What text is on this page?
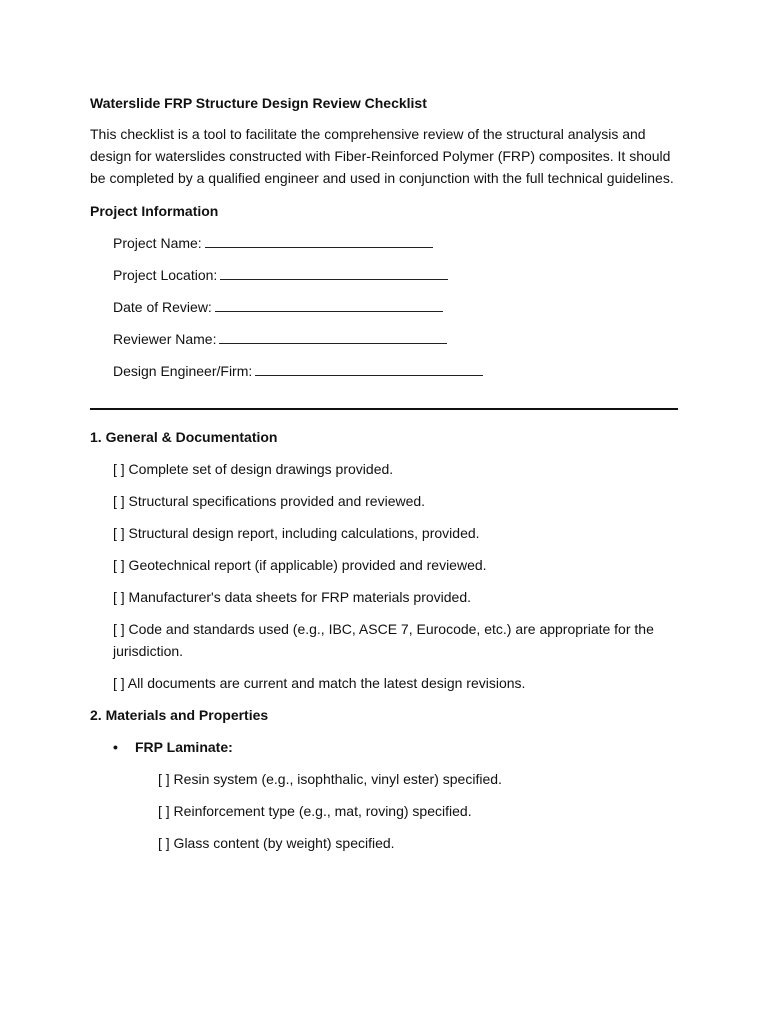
Waterslide FRP Structure Design Review Checklist
This checklist is a tool to facilitate the comprehensive review of the structural analysis and design for waterslides constructed with Fiber-Reinforced Polymer (FRP) composites. It should be completed by a qualified engineer and used in conjunction with the full technical guidelines.
Project Information
Project Name:
Project Location:
Date of Review:
Reviewer Name:
Design Engineer/Firm:
1. General & Documentation
[ ] Complete set of design drawings provided.
[ ] Structural specifications provided and reviewed.
[ ] Structural design report, including calculations, provided.
[ ] Geotechnical report (if applicable) provided and reviewed.
[ ] Manufacturer's data sheets for FRP materials provided.
[ ] Code and standards used (e.g., IBC, ASCE 7, Eurocode, etc.) are appropriate for the jurisdiction.
[ ] All documents are current and match the latest design revisions.
2. Materials and Properties
•	FRP Laminate:
[ ] Resin system (e.g., isophthalic, vinyl ester) specified.
[ ] Reinforcement type (e.g., mat, roving) specified.
[ ] Glass content (by weight) specified.
